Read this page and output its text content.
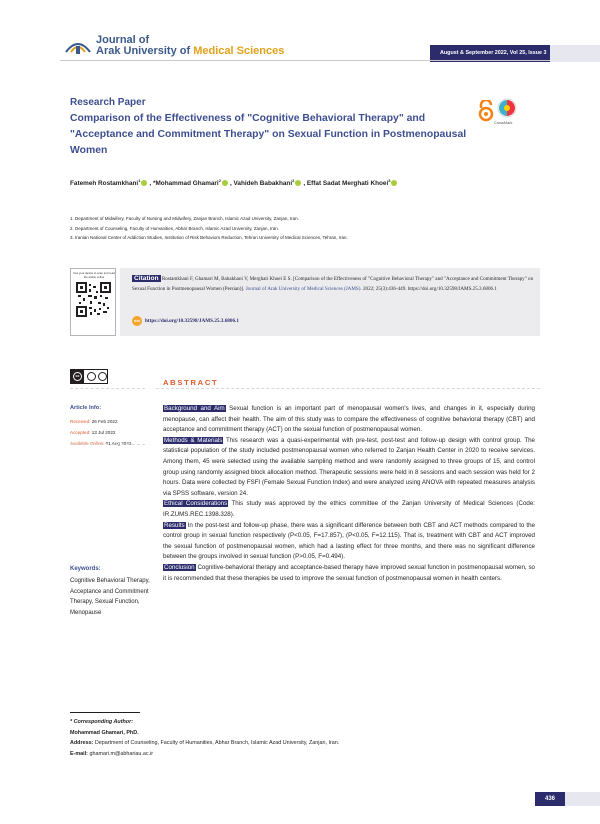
Journal of
Arak University of Medical Sciences	August & September 2022, Vol 25, Issue 3
Research Paper
Comparison of the Effectiveness of "Cognitive Behavioral Therapy" and "Acceptance and Commitment Therapy" on Sexual Function in Postmenopausal Women
CrossMark
Fatemeh Rostamkhani$^1$ , *Mohammad Ghamari$^2$ , Vahideh Babakhani$^2$ , Effat Sadat Merghati Khoei$^3$
1. Department of Midwifery, Faculty of Nursing and Midwifery, Zanjan Branch, Islamic Azad University, Zanjan, Iran.
2. Department of Counseling, Faculty of Humanities, Abhar Branch, Islamic Azad University, Zanjan, Iran.
3. Iranian National Center of Addiction Studies, Institution of Risk Behaviors Reduction, Tehran University of Medical Sciences, Tehran, Iran.
Use your device to scan and read the article online	Citation Rostamkhani F, Ghamari M, Babakhani V, Merghati Khoei E S. [Comparison of the Effectiveness of "Cognitive Behavioral Therapy" and "Acceptance and Commitment Therapy" on Sexual Function in Postmenopausal Women (Persian)]. Journal of Arak University of Medical Sciences (JAMS). 2022; 25(3):436-449. https://doi.org/10.32598/JAMS.25.3.6806.1
doi https://doi.org/10.32598/JAMS.25.3.6806.1
cc
ABSTRACT
Article Info:
Received: 26 Feb 2022
Accepted: 13 Jul 2022
Available Online: 01 Aug 2022
Keywords:
Cognitive Behavioral Therapy, Acceptance and Commitment Therapy, Sexual Function, Menopause
Background and Aim Sexual function is an important part of menopausal women's lives, and changes in it, especially during menopause, can affect their health. The aim of this study was to compare the effectiveness of cognitive behavioral therapy (CBT) and acceptance and commitment therapy (ACT) on the sexual function of postmenopausal women.
Methods & Materials This research was a quasi-experimental with pre-test, post-test and follow-up design with control group. The statistical population of the study included postmenopausal women who referred to Zanjan Health Center in 2020 to receive services. Among them, 45 were selected using the available sampling method and were randomly assigned to three groups of 15, and control group using randomly assigned block allocation method. Therapeutic sessions were held in 8 sessions and each session was held for 2 hours. Data were collected by FSFI (Female Sexual Function Index) and were analyzed using ANOVA with repeated measures analysis via SPSS software, version 24.
Ethical Considerations This study was approved by the ethics committee of the Zanjan University of Medical Sciences (Code: IR.ZUMS.REC.1398.328).
Results In the post-test and follow-up phase, there was a significant difference between both CBT and ACT methods compared to the control group in sexual function respectively (P<0.05, F=17.857), (P<0.05, F=12.115). That is, treatment with CBT and ACT improved the sexual function of postmenopausal women, which had a lasting effect for three months, and there was no significant difference between the groups involved in sexual function (P>0.05, F=0.494).
Conclusion Cognitive-behavioral therapy and acceptance-based therapy have improved sexual function in postmenopausal women, so it is recommended that these therapies be used to improve the sexual function of postmenopausal women in health centers.
* Corresponding Author:
Mohammad Ghamari, PhD.
Address: Department of Counseling, Faculty of Humanities, Abhar Branch, Islamic Azad University, Zanjan, Iran.
E-mail: ghamari.m@abhariau.ac.ir
436
